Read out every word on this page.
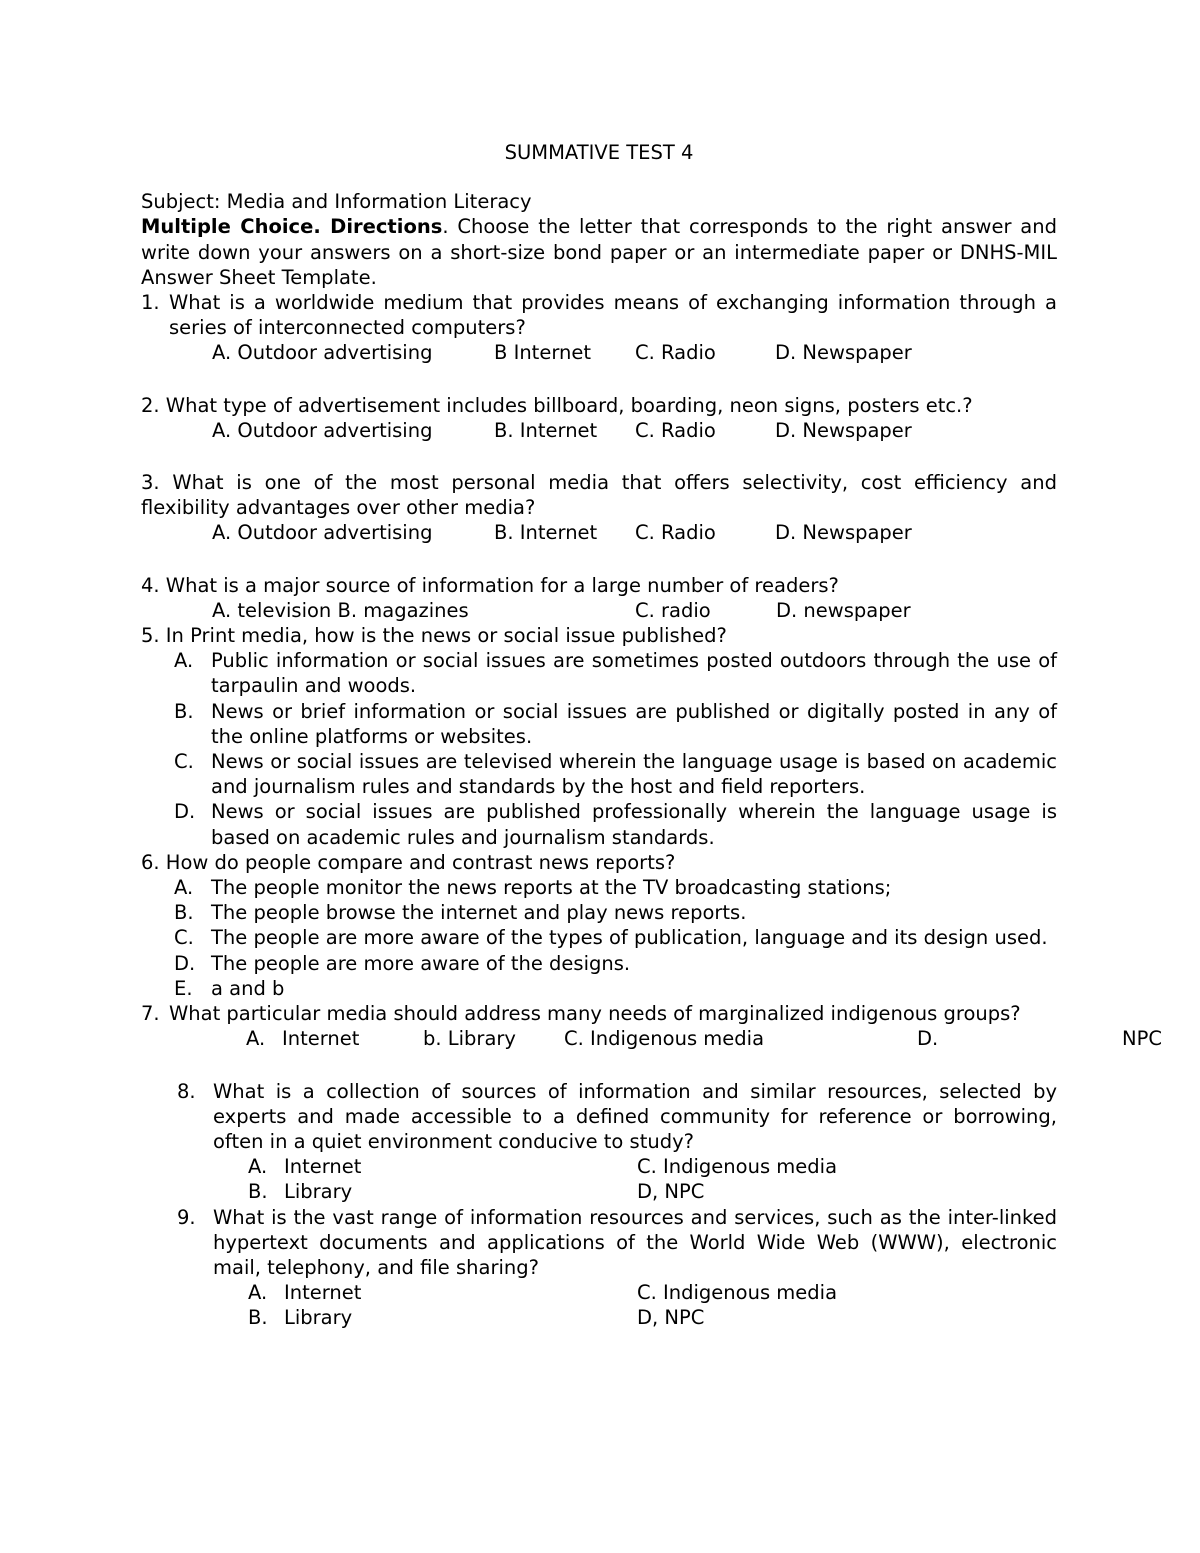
SUMMATIVE TEST 4

Subject: Media and Information Literacy

Multiple Choice. Directions. Choose the letter that corresponds to the right answer and write down your answers on a short-size bond paper or an intermediate paper or DNHS-MIL Answer Sheet Template.

1. What is a worldwide medium that provides means of exchanging information through a series of interconnected computers?
A. Outdoor advertising	B Internet	C. Radio	D. Newspaper

2. What type of advertisement includes billboard, boarding, neon signs, posters etc.?

A. Outdoor advertising	B. Internet	C. Radio	D. Newspaper

3. What is one of the most personal media that offers selectivity, cost efficiency and flexibility advantages over other media?

A. Outdoor advertising	B. Internet	C. Radio	D. Newspaper

4. What is a major source of information for a large number of readers?

A. television B. magazines	C. radio	D. newspaper

5. In Print media, how is the news or social issue published?

A. Public information or social issues are sometimes posted outdoors through the use of tarpaulin and woods.
B. News or brief information or social issues are published or digitally posted in any of the online platforms or websites.
C. News or social issues are televised wherein the language usage is based on academic and journalism rules and standards by the host and field reporters.
D. News or social issues are published professionally wherein the language usage is based on academic rules and journalism standards.

6. How do people compare and contrast news reports?

A. The people monitor the news reports at the TV broadcasting stations;
B. The people browse the internet and play news reports.
C. The people are more aware of the types of publication, language and its design used.
D. The people are more aware of the designs.
E. a and b
7. What particular media should address many needs of marginalized indigenous groups?
A. Internet	b. Library	C. Indigenous media	D.	NPC
8. What is a collection of sources of information and similar resources, selected by experts and made accessible to a defined community for reference or borrowing, often in a quiet environment conducive to study?
A. Internet	C. Indigenous media
B. Library	D, NPC
9. What is the vast range of information resources and services, such as the inter-linked hypertext documents and applications of the World Wide Web (WWW), electronic mail, telephony, and file sharing?
A. Internet	C. Indigenous media
B. Library	D, NPC
